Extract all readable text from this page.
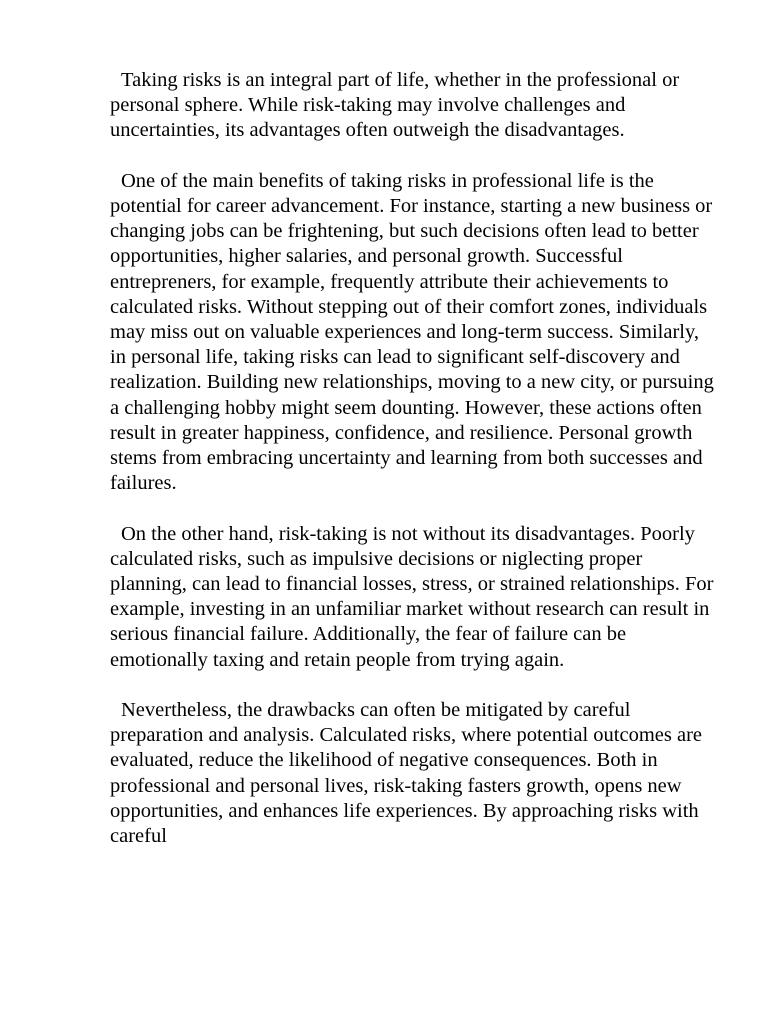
Taking risks is an integral part of life, whether in the professional or personal sphere. While risk-taking may involve challenges and uncertainties, its advantages often outweigh the disadvantages.

One of the main benefits of taking risks in professional life is the potential for career advancement. For instance, starting a new business or changing jobs can be frightening, but such decisions often lead to better opportunities, higher salaries, and personal growth. Successful entrepreners, for example, frequently attribute their achievements to calculated risks. Without stepping out of their comfort zones, individuals may miss out on valuable experiences and long-term success. Similarly, in personal life, taking risks can lead to significant self-discovery and realization. Building new relationships, moving to a new city, or pursuing a challenging hobby might seem dounting. However, these actions often result in greater happiness, confidence, and resilience. Personal growth stems from embracing uncertainty and learning from both successes and failures.

On the other hand, risk-taking is not without its disadvantages. Poorly calculated risks, such as impulsive decisions or niglecting proper planning, can lead to financial losses, stress, or strained relationships. For example, investing in an unfamiliar market without research can result in serious financial failure. Additionally, the fear of failure can be emotionally taxing and retain people from trying again.

Nevertheless, the drawbacks can often be mitigated by careful preparation and analysis. Calculated risks, where potential outcomes are evaluated, reduce the likelihood of negative consequences. Both in professional and personal lives, risk-taking fasters growth, opens new opportunities, and enhances life experiences. By approaching risks with careful
